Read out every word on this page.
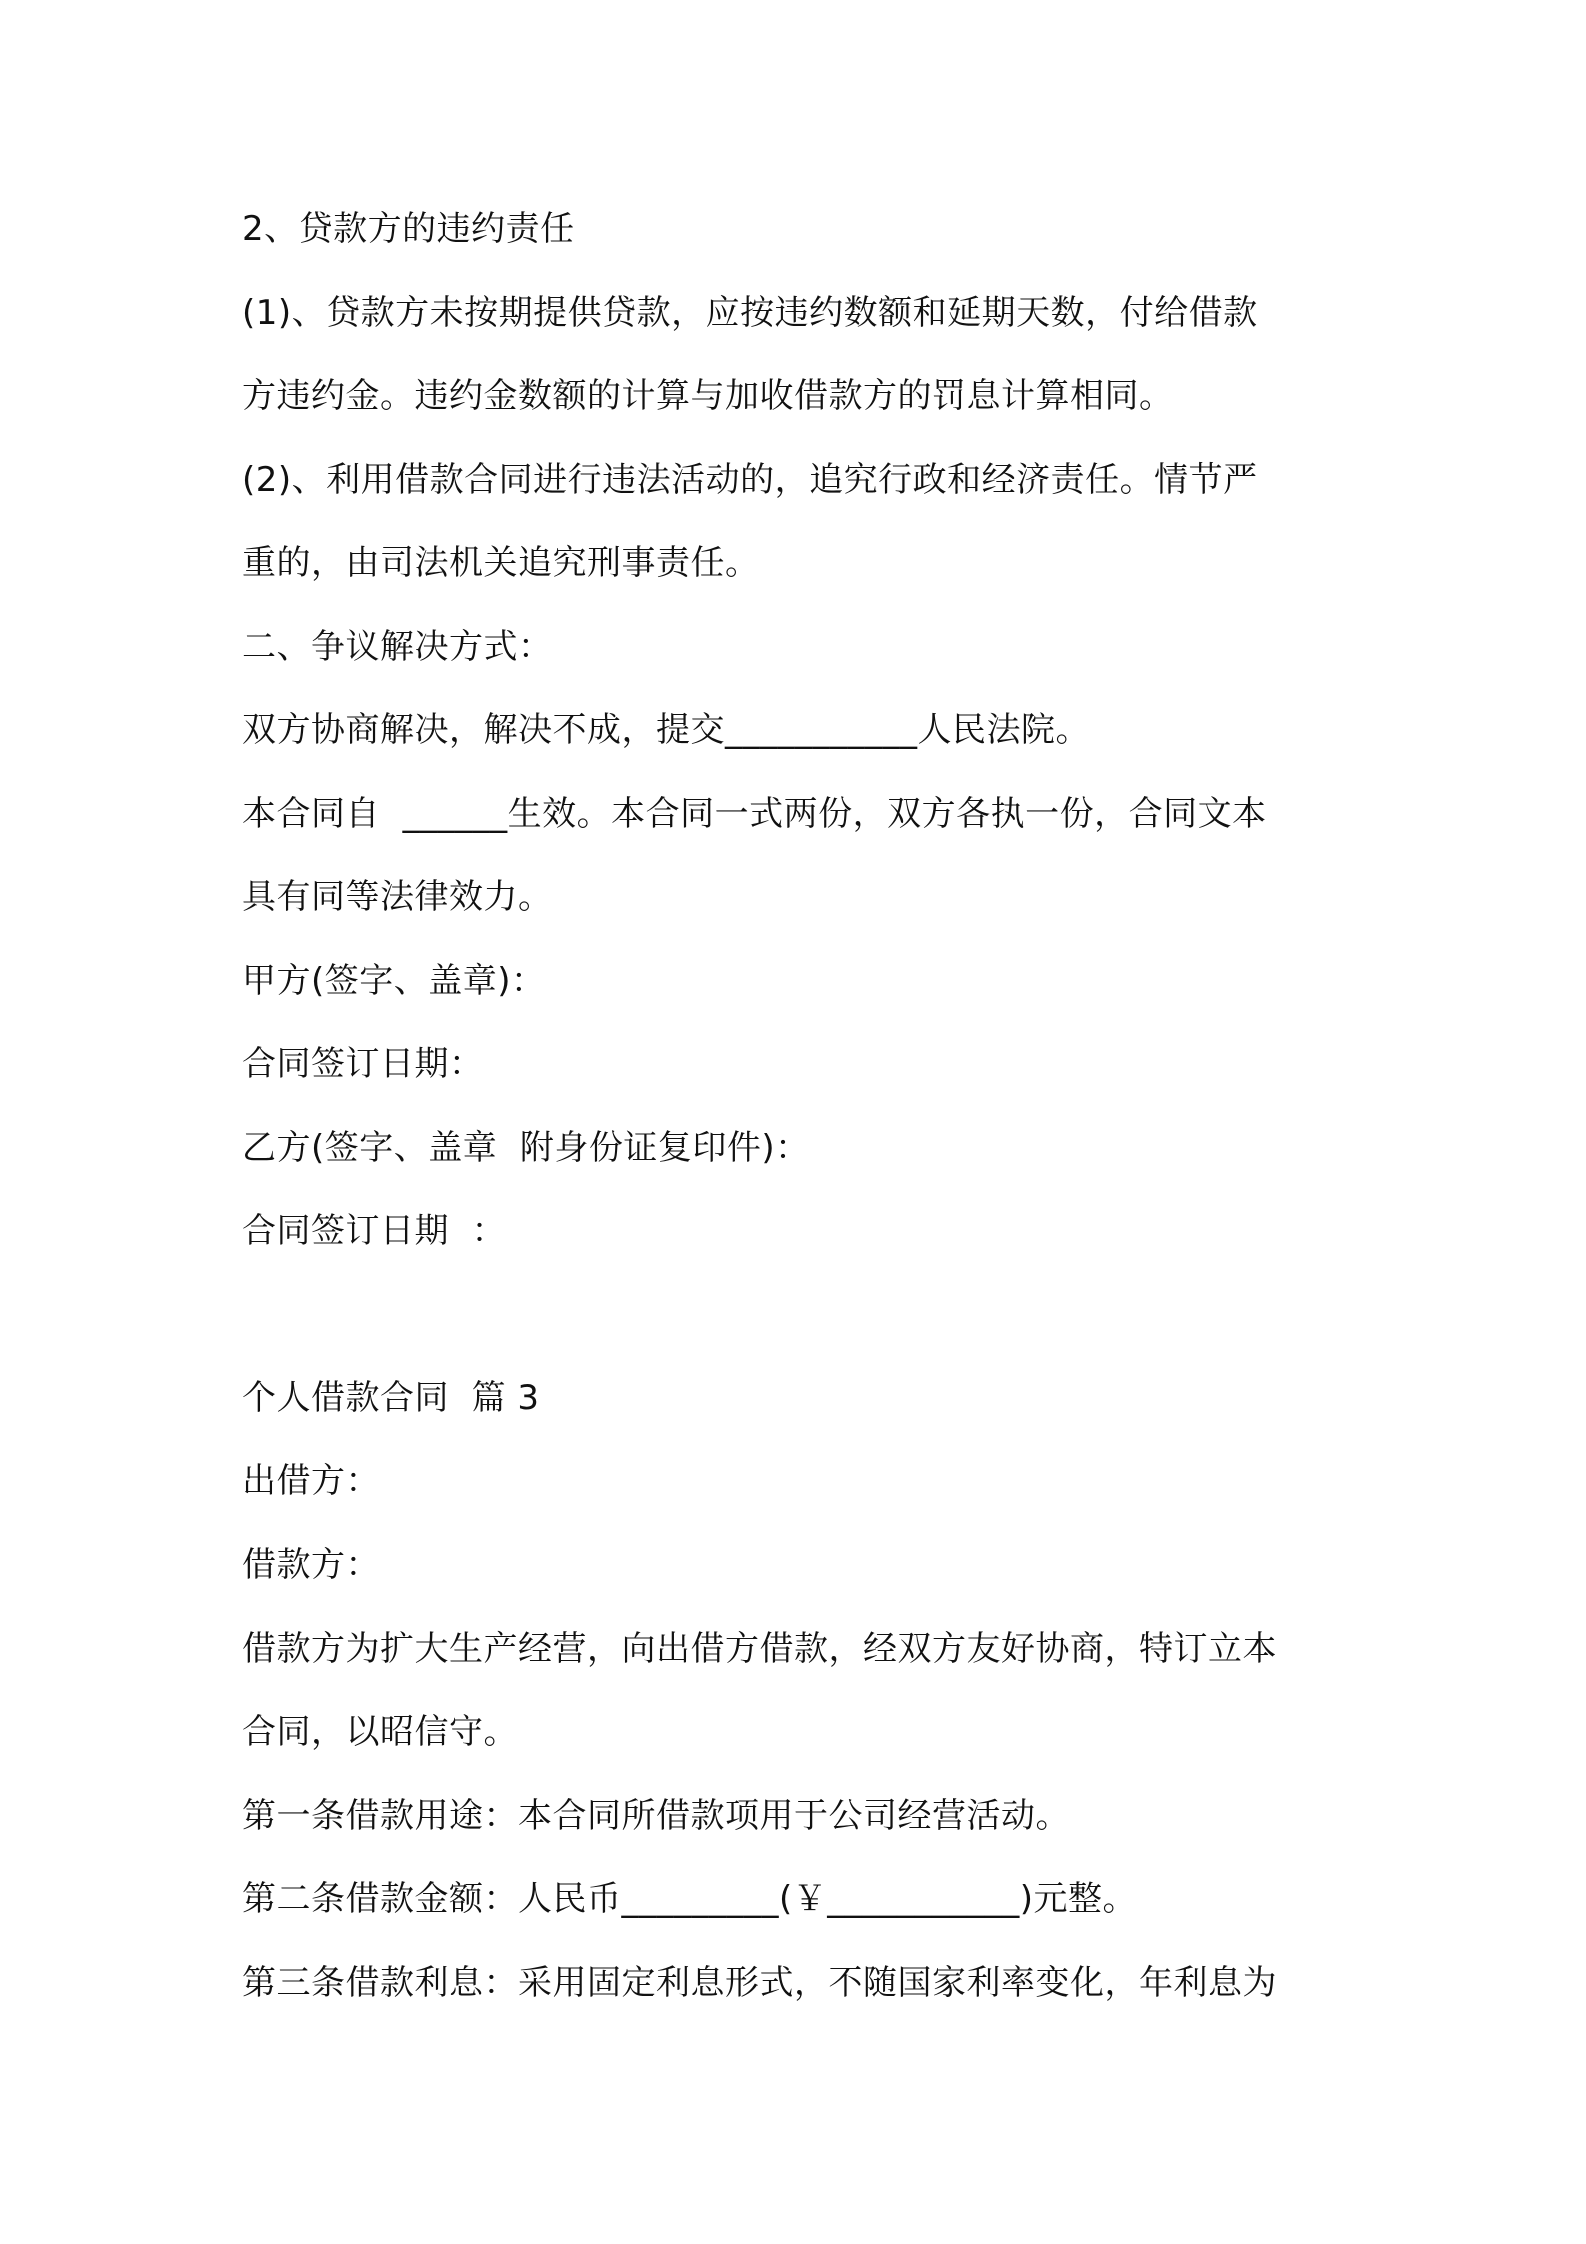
2、贷款方的违约责任
(1)、贷款方未按期提供贷款，应按违约数额和延期天数，付给借款
方违约金。违约金数额的计算与加收借款方的罚息计算相同。
(2)、利用借款合同进行违法活动的，追究行政和经济责任。情节严
重的，由司法机关追究刑事责任。
二、争议解决方式：
双方协商解决，解决不成，提交___________人民法院。
本合同自  ______生效。本合同一式两份，双方各执一份，合同文本
具有同等法律效力。
甲方(签字、盖章)：
合同签订日期：
乙方(签字、盖章  附身份证复印件)：
合同签订日期  ：
个人借款合同  篇 3
出借方：
借款方：
借款方为扩大生产经营，向出借方借款，经双方友好协商，特订立本
合同，以昭信守。
第一条借款用途：本合同所借款项用于公司经营活动。
第二条借款金额：人民币_________(￥___________)元整。
第三条借款利息：采用固定利息形式，不随国家利率变化，年利息为
